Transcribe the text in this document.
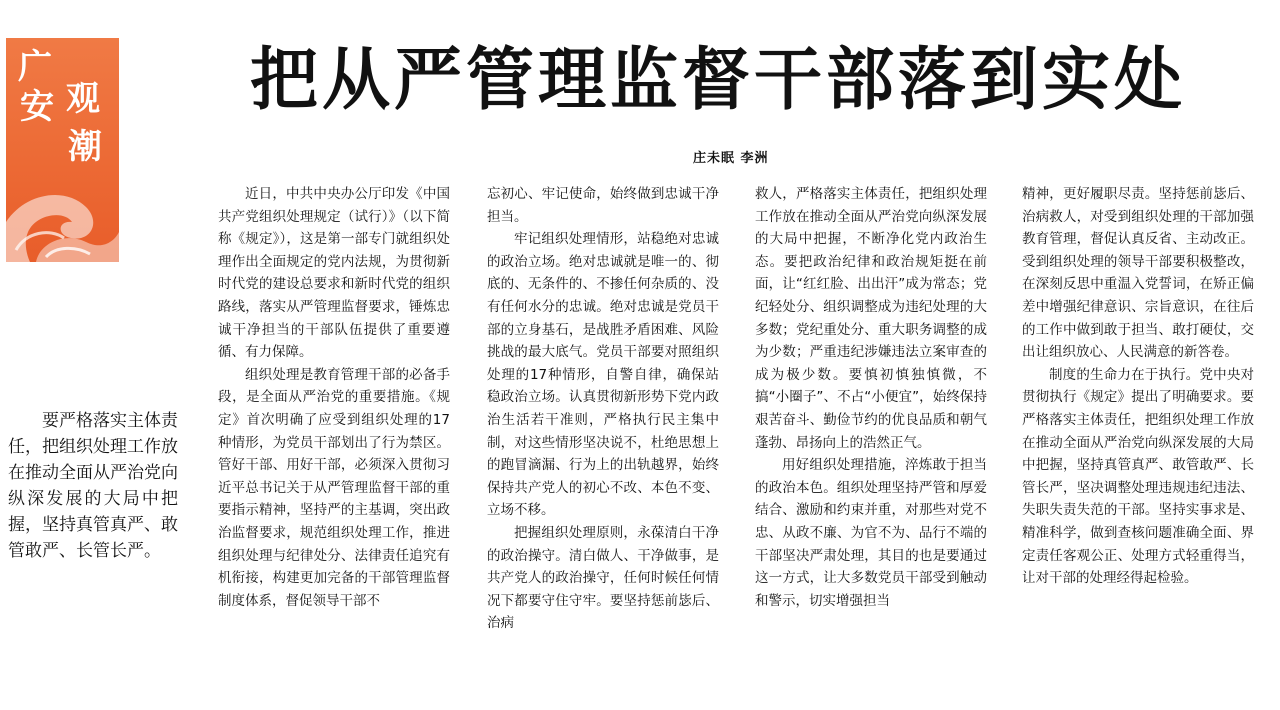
广
安 观
潮
把从严管理监督干部落到实处
庄未眠 李洲

要严格落实主体责任，把组织处理工作放在推动全面从严治党向纵深发展的大局中把握，坚持真管真严、敢管敢严、长管长严。

近日，中共中央办公厅印发《中国共产党组织处理规定（试行）》（以下简称《规定》），这是第一部专门就组织处理作出全面规定的党内法规，为贯彻新时代党的建设总要求和新时代党的组织路线，落实从严管理监督要求，锤炼忠诚干净担当的干部队伍提供了重要遵循、有力保障。

组织处理是教育管理干部的必备手段，是全面从严治党的重要措施。《规定》首次明确了应受到组织处理的17种情形，为党员干部划出了行为禁区。管好干部、用好干部，必须深入贯彻习近平总书记关于从严管理监督干部的重要指示精神，坚持严的主基调，突出政治监督要求，规范组织处理工作，推进组织处理与纪律处分、法律责任追究有机衔接，构建更加完备的干部管理监督制度体系，督促领导干部不

忘初心、牢记使命，始终做到忠诚干净担当。

牢记组织处理情形，站稳绝对忠诚的政治立场。绝对忠诚就是唯一的、彻底的、无条件的、不掺任何杂质的、没有任何水分的忠诚。绝对忠诚是党员干部的立身基石，是战胜矛盾困难、风险挑战的最大底气。党员干部要对照组织处理的17种情形，自警自律，确保站稳政治立场。认真贯彻新形势下党内政治生活若干准则，严格执行民主集中制，对这些情形坚决说不，杜绝思想上的跑冒滴漏、行为上的出轨越界，始终保持共产党人的初心不改、本色不变、立场不移。

把握组织处理原则，永葆清白干净的政治操守。清白做人、干净做事，是共产党人的政治操守，任何时候任何情况下都要守住守牢。要坚持惩前毖后、治病

救人，严格落实主体责任，把组织处理工作放在推动全面从严治党向纵深发展的大局中把握，不断净化党内政治生态。要把政治纪律和政治规矩挺在前面，让“红红脸、出出汗”成为常态；党纪轻处分、组织调整成为违纪处理的大多数；党纪重处分、重大职务调整的成为少数；严重违纪涉嫌违法立案审查的成为极少数。要慎初慎独慎微，不搞“小圈子”、不占“小便宜”，始终保持艰苦奋斗、勤俭节约的优良品质和朝气蓬勃、昂扬向上的浩然正气。

用好组织处理措施，淬炼敢于担当的政治本色。组织处理坚持严管和厚爱结合、激励和约束并重，对那些对党不忠、从政不廉、为官不为、品行不端的干部坚决严肃处理，其目的也是要通过这一方式，让大多数党员干部受到触动和警示，切实增强担当

精神，更好履职尽责。坚持惩前毖后、治病救人，对受到组织处理的干部加强教育管理，督促认真反省、主动改正。受到组织处理的领导干部要积极整改，在深刻反思中重温入党誓词，在矫正偏差中增强纪律意识、宗旨意识，在往后的工作中做到敢于担当、敢打硬仗，交出让组织放心、人民满意的新答卷。

制度的生命力在于执行。党中央对贯彻执行《规定》提出了明确要求。要严格落实主体责任，把组织处理工作放在推动全面从严治党向纵深发展的大局中把握，坚持真管真严、敢管敢严、长管长严，坚决调整处理违规违纪违法、失职失责失范的干部。坚持实事求是、精准科学，做到查核问题准确全面、界定责任客观公正、处理方式轻重得当，让对干部的处理经得起检验。
